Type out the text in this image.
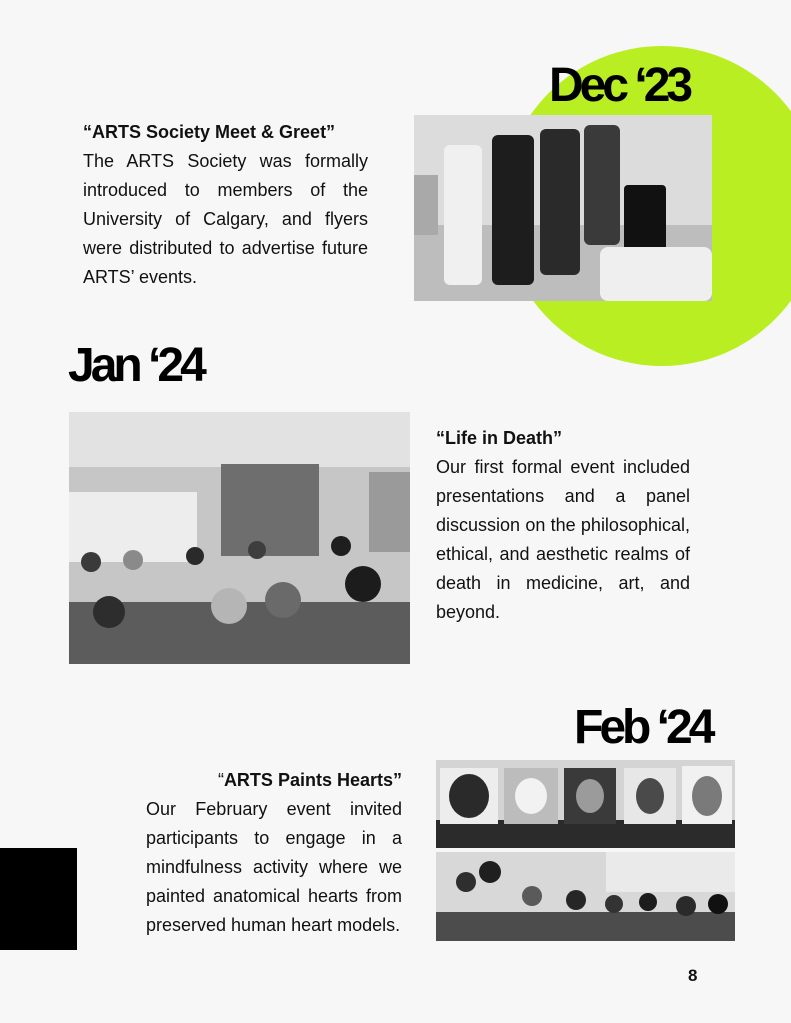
Dec ‘23
“ARTS Society Meet & Greet”

The ARTS Society was formally introduced to members of the University of Calgary, and flyers were distributed to advertise future ARTS’ events.

Jan ‘24
“Life in Death”

Our first formal event included presentations and a panel discussion on the philosophical, ethical, and aesthetic realms of death in medicine, art, and beyond.

Feb ‘24
“ARTS Paints Hearts”

Our February event invited participants to engage in a mindfulness activity where we painted anatomical hearts from preserved human heart models.

8
